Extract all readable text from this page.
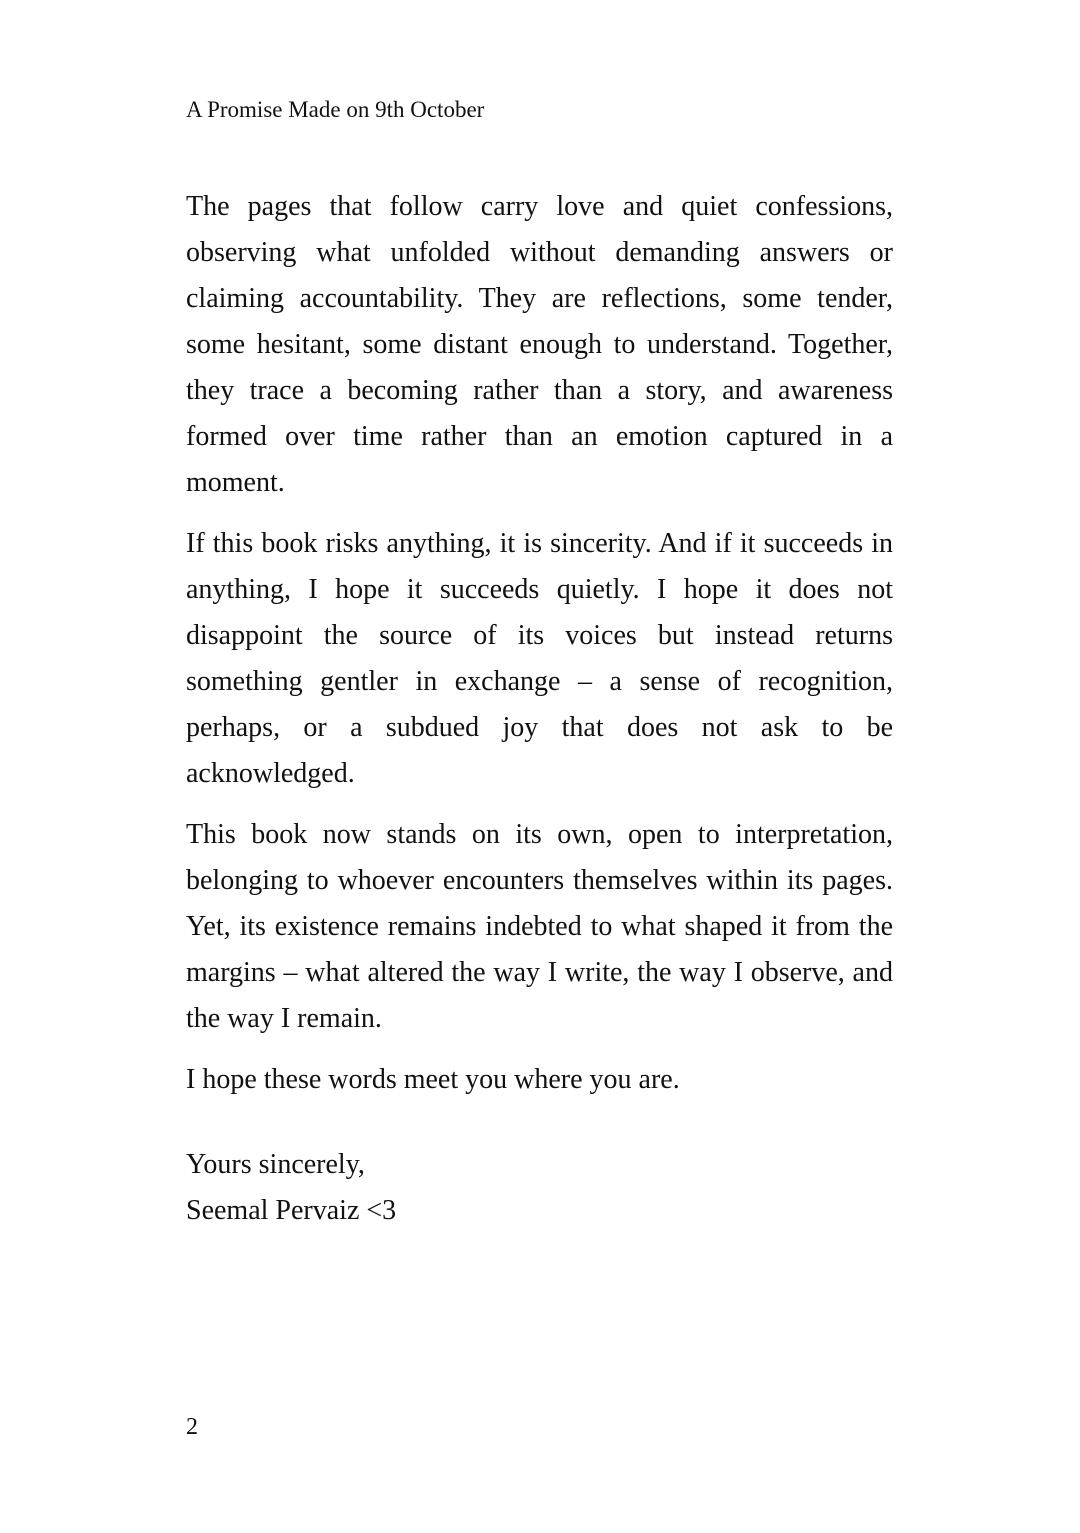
A Promise Made on 9th October

The pages that follow carry love and quiet confessions, observing what unfolded without demanding answers or claiming accountability. They are reflections, some tender, some hesitant, some distant enough to understand. Together, they trace a becoming rather than a story, and awareness formed over time rather than an emotion captured in a moment.

If this book risks anything, it is sincerity. And if it succeeds in anything, I hope it succeeds quietly. I hope it does not disappoint the source of its voices but instead returns something gentler in exchange – a sense of recognition, perhaps, or a subdued joy that does not ask to be acknowledged.

This book now stands on its own, open to interpretation, belonging to whoever encounters themselves within its pages. Yet, its existence remains indebted to what shaped it from the margins – what altered the way I write, the way I observe, and the way I remain.

I hope these words meet you where you are.

Yours sincerely,
Seemal Pervaiz <3
2
